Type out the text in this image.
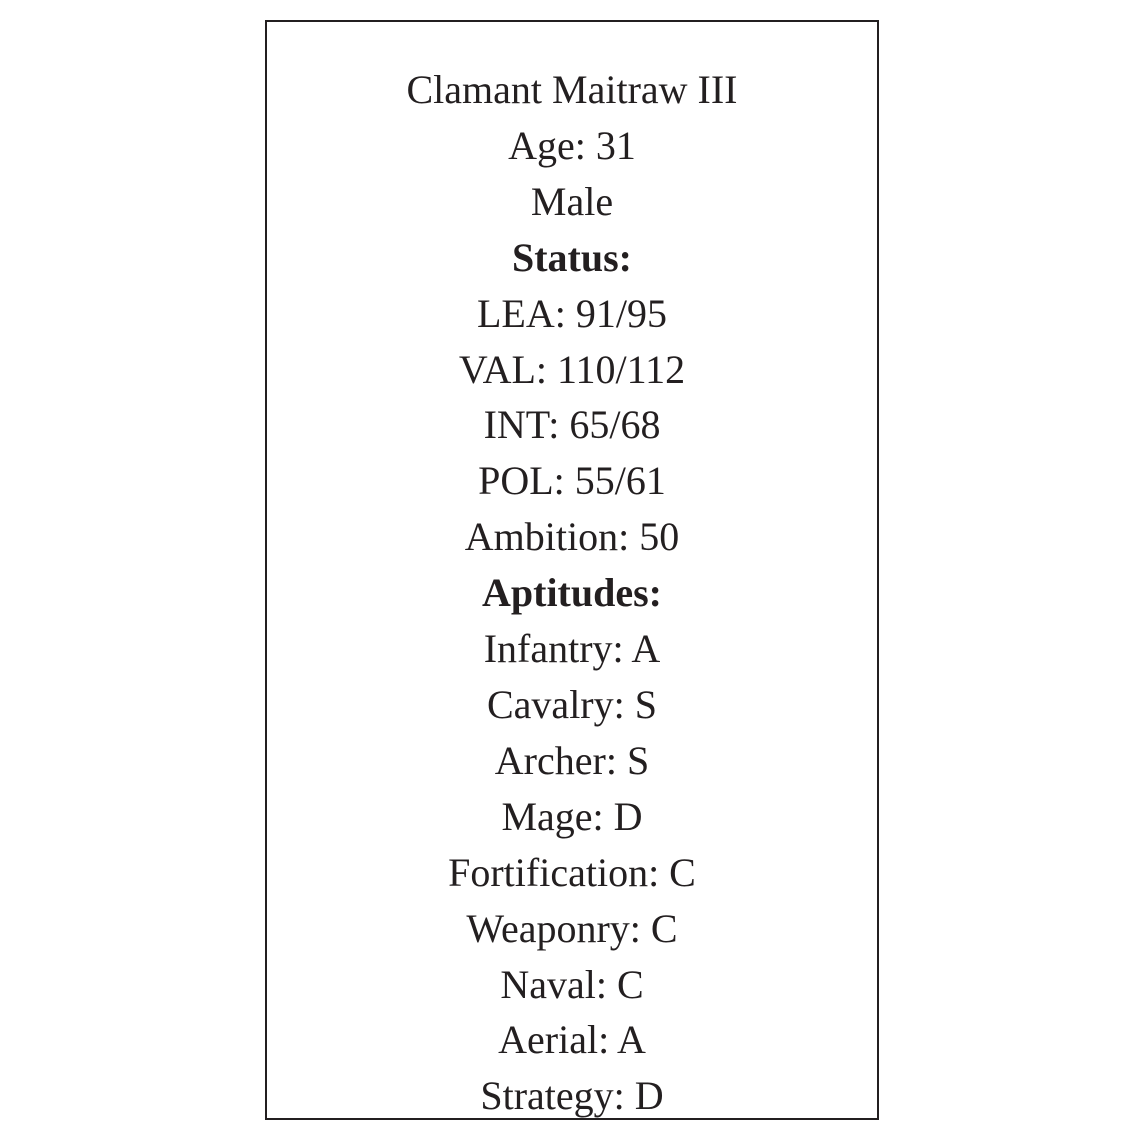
Clamant Maitraw III
Age: 31
Male
Status:
LEA: 91/95
VAL: 110/112
INT: 65/68
POL: 55/61
Ambition: 50
Aptitudes:
Infantry: A
Cavalry: S
Archer: S
Mage: D
Fortification: C
Weaponry: C
Naval: C
Aerial: A
Strategy: D
